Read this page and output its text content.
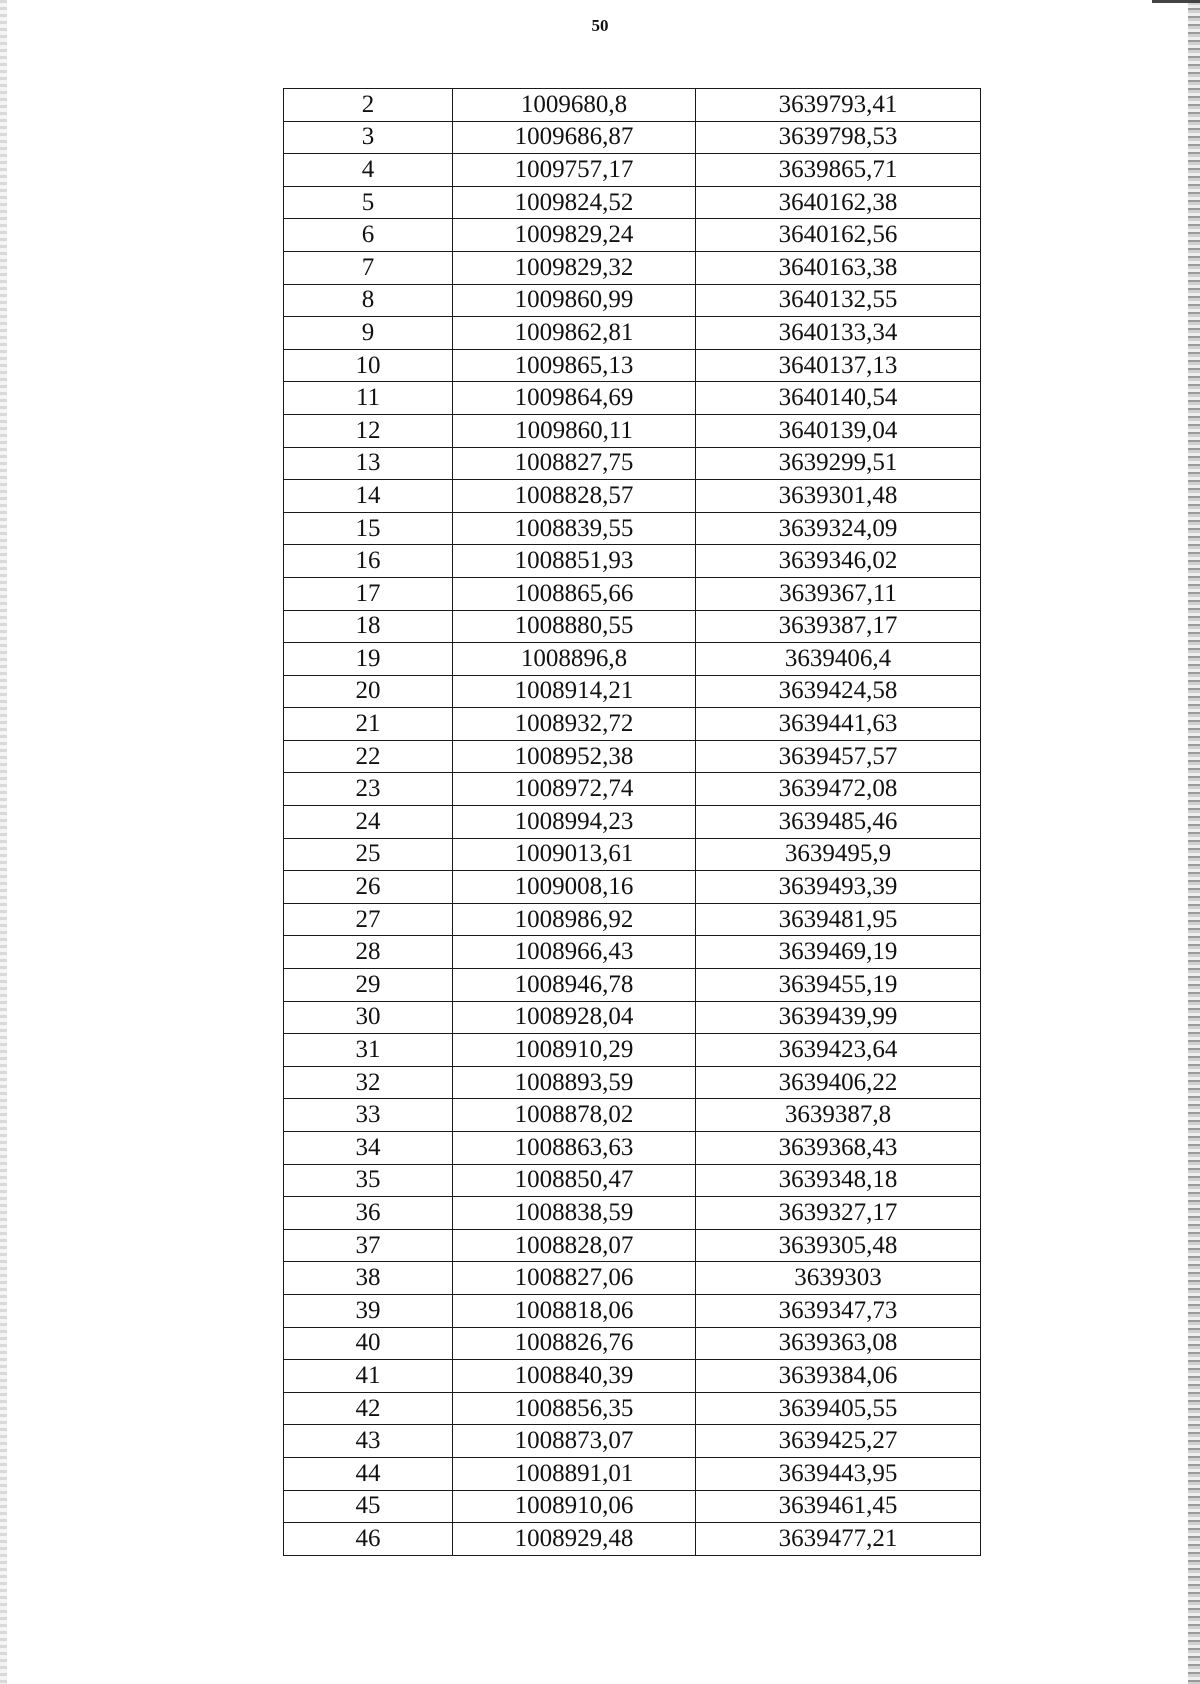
50
2	1009680,8	3639793,41
3	1009686,87	3639798,53
4	1009757,17	3639865,71
5	1009824,52	3640162,38
6	1009829,24	3640162,56
7	1009829,32	3640163,38
8	1009860,99	3640132,55
9	1009862,81	3640133,34
10	1009865,13	3640137,13
11	1009864,69	3640140,54
12	1009860,11	3640139,04
13	1008827,75	3639299,51
14	1008828,57	3639301,48
15	1008839,55	3639324,09
16	1008851,93	3639346,02
17	1008865,66	3639367,11
18	1008880,55	3639387,17
19	1008896,8	3639406,4
20	1008914,21	3639424,58
21	1008932,72	3639441,63
22	1008952,38	3639457,57
23	1008972,74	3639472,08
24	1008994,23	3639485,46
25	1009013,61	3639495,9
26	1009008,16	3639493,39
27	1008986,92	3639481,95
28	1008966,43	3639469,19
29	1008946,78	3639455,19
30	1008928,04	3639439,99
31	1008910,29	3639423,64
32	1008893,59	3639406,22
33	1008878,02	3639387,8
34	1008863,63	3639368,43
35	1008850,47	3639348,18
36	1008838,59	3639327,17
37	1008828,07	3639305,48
38	1008827,06	3639303
39	1008818,06	3639347,73
40	1008826,76	3639363,08
41	1008840,39	3639384,06
42	1008856,35	3639405,55
43	1008873,07	3639425,27
44	1008891,01	3639443,95
45	1008910,06	3639461,45
46	1008929,48	3639477,21
